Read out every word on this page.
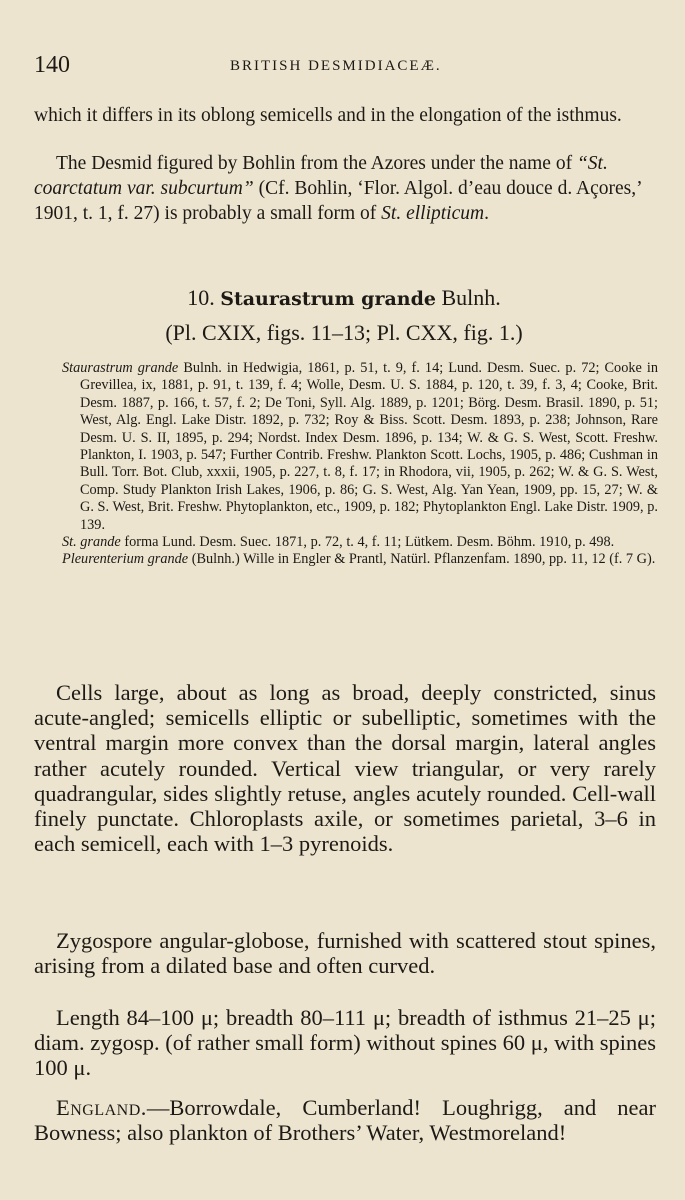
140	BRITISH DESMIDIACEÆ.

which it differs in its oblong semicells and in the elongation of the isthmus.

The Desmid figured by Bohlin from the Azores under the name of “St. coarctatum var. subcurtum” (Cf. Bohlin, ‘Flor. Algol. d’eau douce d. Açores,’ 1901, t. 1, f. 27) is probably a small form of St. ellipticum.

10. Staurastrum grande Bulnh.
(Pl. CXIX, figs. 11–13; Pl. CXX, fig. 1.)

Staurastrum grande Bulnh. in Hedwigia, 1861, p. 51, t. 9, f. 14; Lund. Desm. Suec. p. 72; Cooke in Grevillea, ix, 1881, p. 91, t. 139, f. 4; Wolle, Desm. U. S. 1884, p. 120, t. 39, f. 3, 4; Cooke, Brit. Desm. 1887, p. 166, t. 57, f. 2; De Toni, Syll. Alg. 1889, p. 1201; Börg. Desm. Brasil. 1890, p. 51; West, Alg. Engl. Lake Distr. 1892, p. 732; Roy & Biss. Scott. Desm. 1893, p. 238; Johnson, Rare Desm. U. S. II, 1895, p. 294; Nordst. Index Desm. 1896, p. 134; W. & G. S. West, Scott. Freshw. Plankton, I. 1903, p. 547; Further Contrib. Freshw. Plankton Scott. Lochs, 1905, p. 486; Cushman in Bull. Torr. Bot. Club, xxxii, 1905, p. 227, t. 8, f. 17; in Rhodora, vii, 1905, p. 262; W. & G. S. West, Comp. Study Plankton Irish Lakes, 1906, p. 86; G. S. West, Alg. Yan Yean, 1909, pp. 15, 27; W. & G. S. West, Brit. Freshw. Phytoplankton, etc., 1909, p. 182; Phytoplankton Engl. Lake Distr. 1909, p. 139.

St. grande forma Lund. Desm. Suec. 1871, p. 72, t. 4, f. 11; Lütkem. Desm. Böhm. 1910, p. 498.

Pleurenterium grande (Bulnh.) Wille in Engler & Prantl, Natürl. Pflanzenfam. 1890, pp. 11, 12 (f. 7 G).

Cells large, about as long as broad, deeply constricted, sinus acute-angled; semicells elliptic or subelliptic, sometimes with the ventral margin more convex than the dorsal margin, lateral angles rather acutely rounded. Vertical view triangular, or very rarely quadrangular, sides slightly retuse, angles acutely rounded. Cell-wall finely punctate. Chloroplasts axile, or sometimes parietal, 3–6 in each semicell, each with 1–3 pyrenoids.

Zygospore angular-globose, furnished with scattered stout spines, arising from a dilated base and often curved.

Length 84–100 μ; breadth 80–111 μ; breadth of isthmus 21–25 μ; diam. zygosp. (of rather small form) without spines 60 μ, with spines 100 μ.

England.—Borrowdale, Cumberland! Loughrigg, and near Bowness; also plankton of Brothers’ Water, Westmoreland!
